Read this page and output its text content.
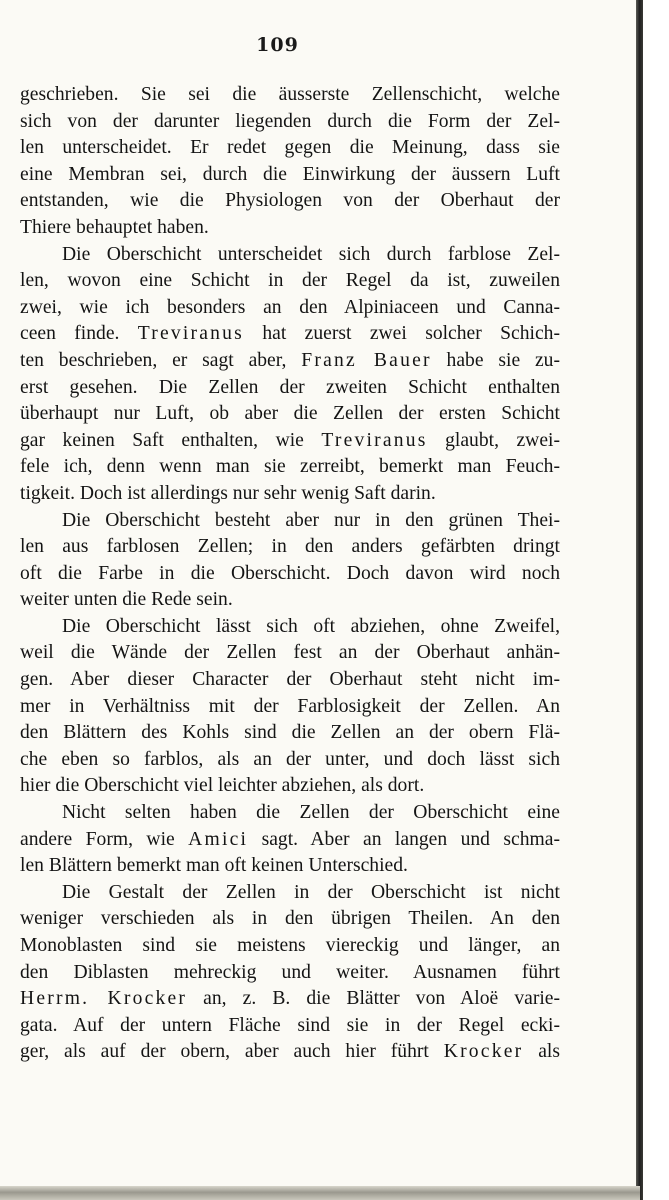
109
geschrieben. Sie sei die äusserste Zellenschicht, welche
sich von der darunter liegenden durch die Form der Zel-
len unterscheidet. Er redet gegen die Meinung, dass sie
eine Membran sei, durch die Einwirkung der äussern Luft
entstanden, wie die Physiologen von der Oberhaut der
Thiere behauptet haben.
Die Oberschicht unterscheidet sich durch farblose Zel-
len, wovon eine Schicht in der Regel da ist, zuweilen
zwei, wie ich besonders an den Alpiniaceen und Canna-
ceen finde. Treviranus hat zuerst zwei solcher Schich-
ten beschrieben, er sagt aber, Franz Bauer habe sie zu-
erst gesehen. Die Zellen der zweiten Schicht enthalten
überhaupt nur Luft, ob aber die Zellen der ersten Schicht
gar keinen Saft enthalten, wie Treviranus glaubt, zwei-
fele ich, denn wenn man sie zerreibt, bemerkt man Feuch-
tigkeit. Doch ist allerdings nur sehr wenig Saft darin.
Die Oberschicht besteht aber nur in den grünen Thei-
len aus farblosen Zellen; in den anders gefärbten dringt
oft die Farbe in die Oberschicht. Doch davon wird noch
weiter unten die Rede sein.
Die Oberschicht lässt sich oft abziehen, ohne Zweifel,
weil die Wände der Zellen fest an der Oberhaut anhän-
gen. Aber dieser Character der Oberhaut steht nicht im-
mer in Verhältniss mit der Farblosigkeit der Zellen. An
den Blättern des Kohls sind die Zellen an der obern Flä-
che eben so farblos, als an der unter, und doch lässt sich
hier die Oberschicht viel leichter abziehen, als dort.
Nicht selten haben die Zellen der Oberschicht eine
andere Form, wie Amici sagt. Aber an langen und schma-
len Blättern bemerkt man oft keinen Unterschied.
Die Gestalt der Zellen in der Oberschicht ist nicht
weniger verschieden als in den übrigen Theilen. An den
Monoblasten sind sie meistens viereckig und länger, an
den Diblasten mehreckig und weiter. Ausnamen führt
Herrm. Krocker an, z. B. die Blätter von Aloë varie-
gata. Auf der untern Fläche sind sie in der Regel ecki-
ger, als auf der obern, aber auch hier führt Krocker als
